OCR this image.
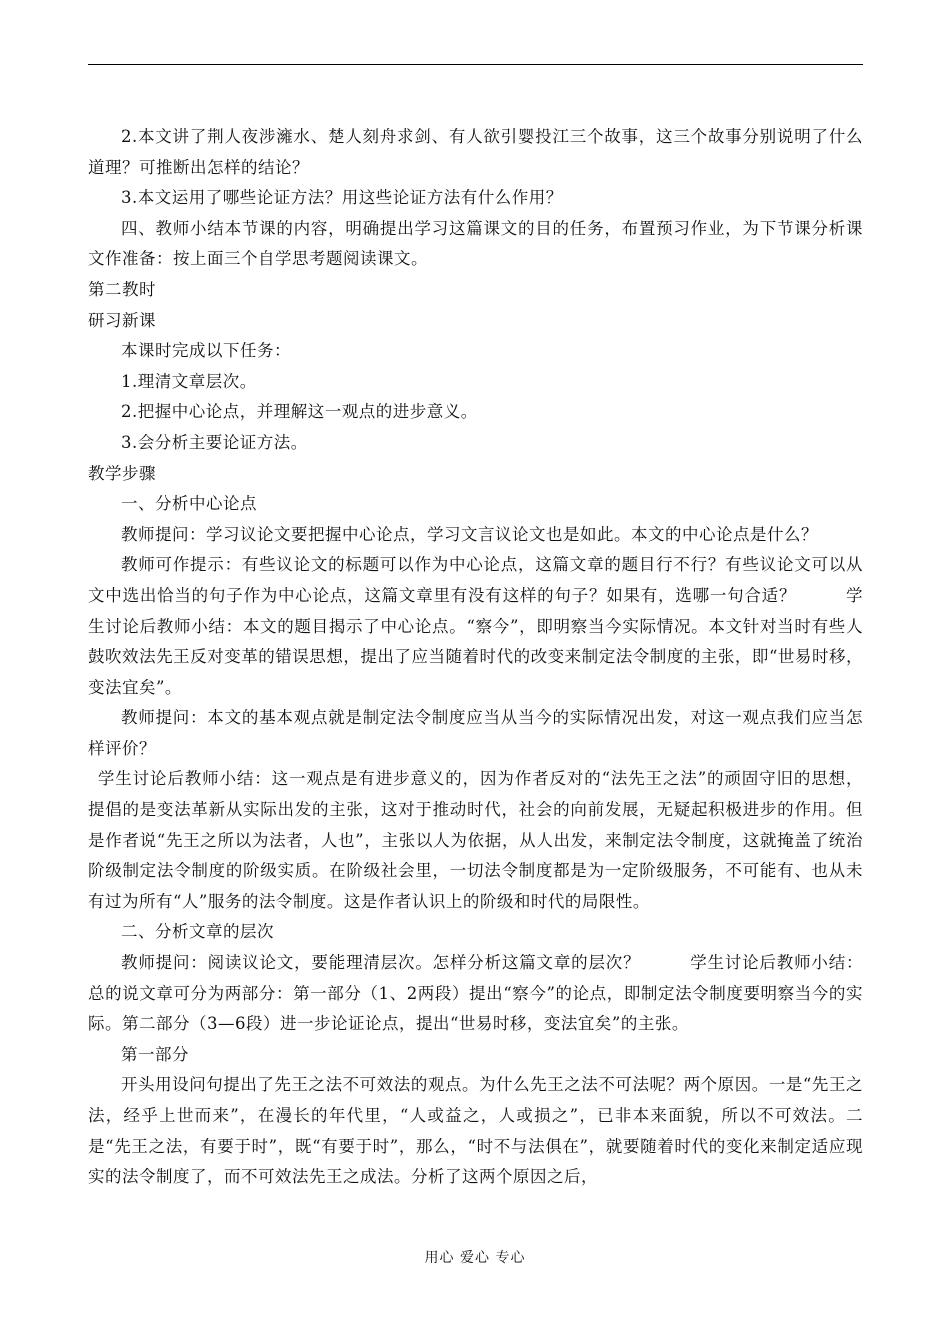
2.本文讲了荆人夜涉澭水、楚人刻舟求剑、有人欲引婴投江三个故事，这三个故事分别说明了什么道理？可推断出怎样的结论？

3.本文运用了哪些论证方法？用这些论证方法有什么作用？

四、教师小结本节课的内容，明确提出学习这篇课文的目的任务，布置预习作业，为下节课分析课文作准备：按上面三个自学思考题阅读课文。

第二教时

研习新课

本课时完成以下任务：

1.理清文章层次。

2.把握中心论点，并理解这一观点的进步意义。

3.会分析主要论证方法。

教学步骤

一、分析中心论点

教师提问：学习议论文要把握中心论点，学习文言议论文也是如此。本文的中心论点是什么？

教师可作提示：有些议论文的标题可以作为中心论点，这篇文章的题目行不行？有些议论文可以从文中选出恰当的句子作为中心论点，这篇文章里有没有这样的句子？如果有，选哪一句合适？	学生讨论后教师小结：本文的题目揭示了中心论点。“察今”，即明察当今实际情况。本文针对当时有些人鼓吹效法先王反对变革的错误思想，提出了应当随着时代的改变来制定法令制度的主张，即“世易时移，变法宜矣”。

教师提问：本文的基本观点就是制定法令制度应当从当今的实际情况出发，对这一观点我们应当怎样评价？

学生讨论后教师小结：这一观点是有进步意义的，因为作者反对的“法先王之法”的顽固守旧的思想，提倡的是变法革新从实际出发的主张，这对于推动时代，社会的向前发展，无疑起积极进步的作用。但是作者说“先王之所以为法者，人也”，主张以人为依据，从人出发，来制定法令制度，这就掩盖了统治阶级制定法令制度的阶级实质。在阶级社会里，一切法令制度都是为一定阶级服务，不可能有、也从未有过为所有“人”服务的法令制度。这是作者认识上的阶级和时代的局限性。

二、分析文章的层次

教师提问：阅读议论文，要能理清层次。怎样分析这篇文章的层次？	学生讨论后教师小结：总的说文章可分为两部分：第一部分（1、2两段）提出“察今”的论点，即制定法令制度要明察当今的实际。第二部分（3—6段）进一步论证论点，提出“世易时移，变法宜矣”的主张。

第一部分

开头用设问句提出了先王之法不可效法的观点。为什么先王之法不可法呢？两个原因。一是“先王之法，经乎上世而来”，在漫长的年代里，“人或益之，人或损之”，已非本来面貌，所以不可效法。二是“先王之法，有要于时”，既“有要于时”，那么，“时不与法俱在”，就要随着时代的变化来制定适应现实的法令制度了，而不可效法先王之成法。分析了这两个原因之后，

用心 爱心 专心
